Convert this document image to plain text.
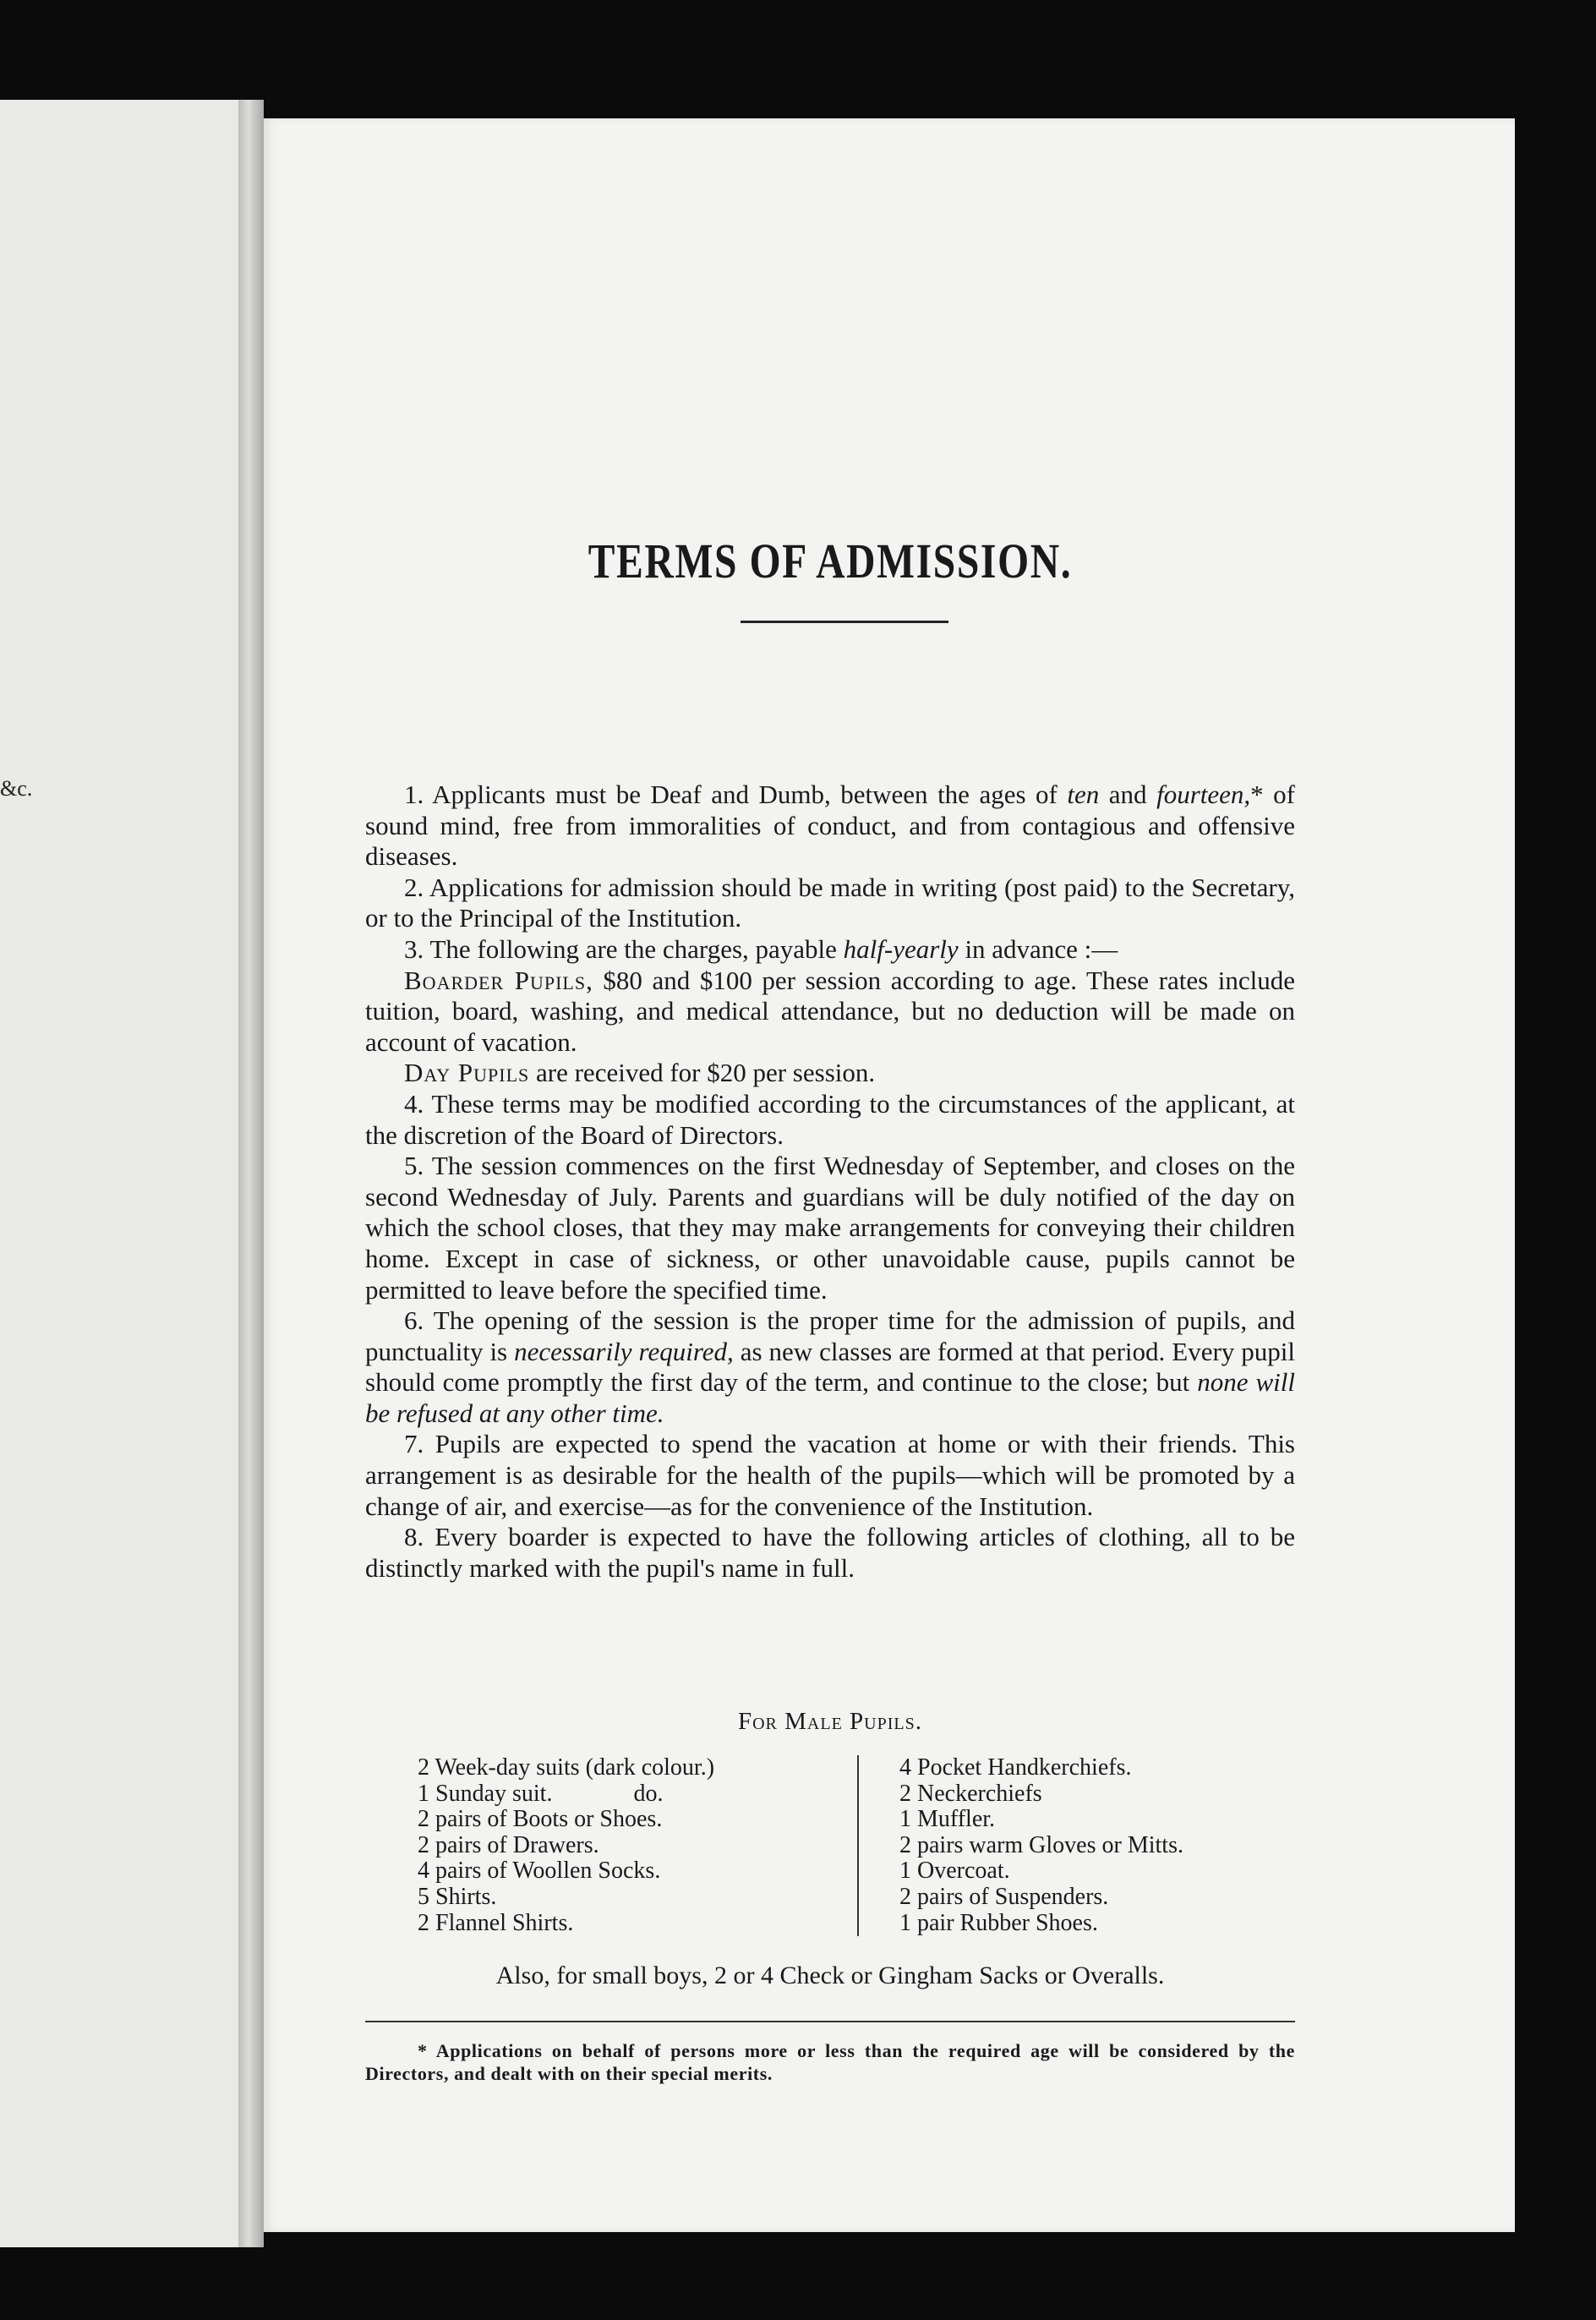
&c.
TERMS OF ADMISSION.

1. Applicants must be Deaf and Dumb, between the ages of ten and fourteen,* of sound mind, free from immoralities of conduct, and from contagious and offensive diseases.

2. Applications for admission should be made in writing (post paid) to the Secretary, or to the Principal of the Institution.

3. The following are the charges, payable half-yearly in advance :—

Boarder Pupils, $80 and $100 per session according to age. These rates include tuition, board, washing, and medical attendance, but no deduction will be made on account of vacation.

Day Pupils are received for $20 per session.

4. These terms may be modified according to the circumstances of the applicant, at the discretion of the Board of Directors.

5. The session commences on the first Wednesday of September, and closes on the second Wednesday of July. Parents and guardians will be duly notified of the day on which the school closes, that they may make arrangements for conveying their children home. Except in case of sickness, or other unavoidable cause, pupils cannot be permitted to leave before the specified time.

6. The opening of the session is the proper time for the admission of pupils, and punctuality is necessarily required, as new classes are formed at that period. Every pupil should come promptly the first day of the term, and continue to the close; but none will be refused at any other time.

7. Pupils are expected to spend the vacation at home or with their friends. This arrangement is as desirable for the health of the pupils—which will be promoted by a change of air, and exercise—as for the convenience of the Institution.

8. Every boarder is expected to have the following articles of clothing, all to be distinctly marked with the pupil's name in full.

For Male Pupils.
2 Week-day suits (dark colour.)
1 Sunday suit.	do.
2 pairs of Boots or Shoes.
2 pairs of Drawers.
4 pairs of Woollen Socks.
5 Shirts.
2 Flannel Shirts.
4 Pocket Handkerchiefs.
2 Neckerchiefs
1 Muffler.
2 pairs warm Gloves or Mitts.
1 Overcoat.
2 pairs of Suspenders.
1 pair Rubber Shoes.
Also, for small boys, 2 or 4 Check or Gingham Sacks or Overalls.

* Applications on behalf of persons more or less than the required age will be considered by the Directors, and dealt with on their special merits.
